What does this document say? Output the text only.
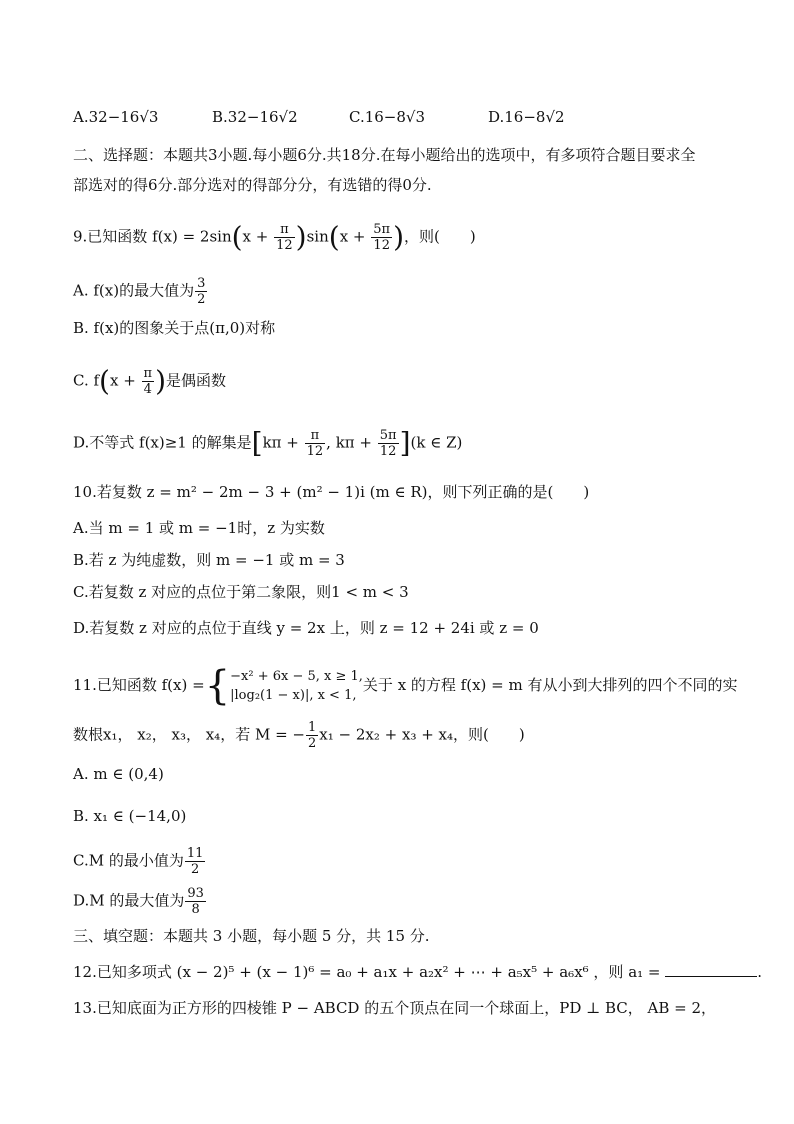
A.32−16√3	B.32−16√2	C.16−8√3	D.16−8√2
二、选择题：本题共3小题.每小题6分.共18分.在每小题给出的选项中，有多项符合题目要求全
部选对的得6分.部分选对的得部分分，有选错的得0分.
9.已知函数 $f(x) = 2\sin(x + \frac{\pi}{12} )\sin(x + \frac{5\pi}{12}$ )，则(　　)
A. f(x)的最大值为 $\frac{3}{2}$
B. f(x)的图象关于点(π,0)对称
C. $f(x + \frac{\pi}{4}$ )是偶函数
D.不等式 f(x)≥1 的解集是[$k\pi + \frac{\pi}{12}$ , $k\pi + \frac{5\pi}{12} ](k$ ∈ Z)
10.若复数 z = m² − 2m − 3 + (m² − 1)i (m ∈ R)，则下列正确的是(　　)
A.当 m = 1 或 m = −1时，z 为实数
B.若 z 为纯虚数，则 m = −1 或 m = 3
C.若复数 z 对应的点位于第二象限，则1 < m < 3
D.若复数 z 对应的点位于直线 y = 2x 上，则 z = 12 + 24i 或 z = 0
11.已知函数 f(x) ={ −x² + 6x − 5, x ≥ 1,
|log₂(1 − x)|, x < 1,
关于 x 的方程 f(x) = m 有从小到大排列的四个不同的实
数根x₁， x₂， x₃， x₄，若 M = − $\frac{1}{2} x_1 - 2x_2 + x_3 + x_4$，则(　　)
A. m ∈ (0,4)
B. x₁ ∈ (−14,0)
C.M 的最小值为 $\frac{11}{2}$
D.M 的最大值为 $\frac{93}{8}$
三、填空题：本题共 3 小题，每小题 5 分，共 15 分.
12.已知多项式 (x − 2)⁵ + (x − 1)⁶ = a₀ + a₁x + a₂x² + ⋯ + a₅x⁵ + a₆x⁶ ，则 a₁ =	.
13.已知底面为正方形的四棱锥 P − ABCD 的五个顶点在同一个球面上，PD ⊥ BC， AB = 2，
